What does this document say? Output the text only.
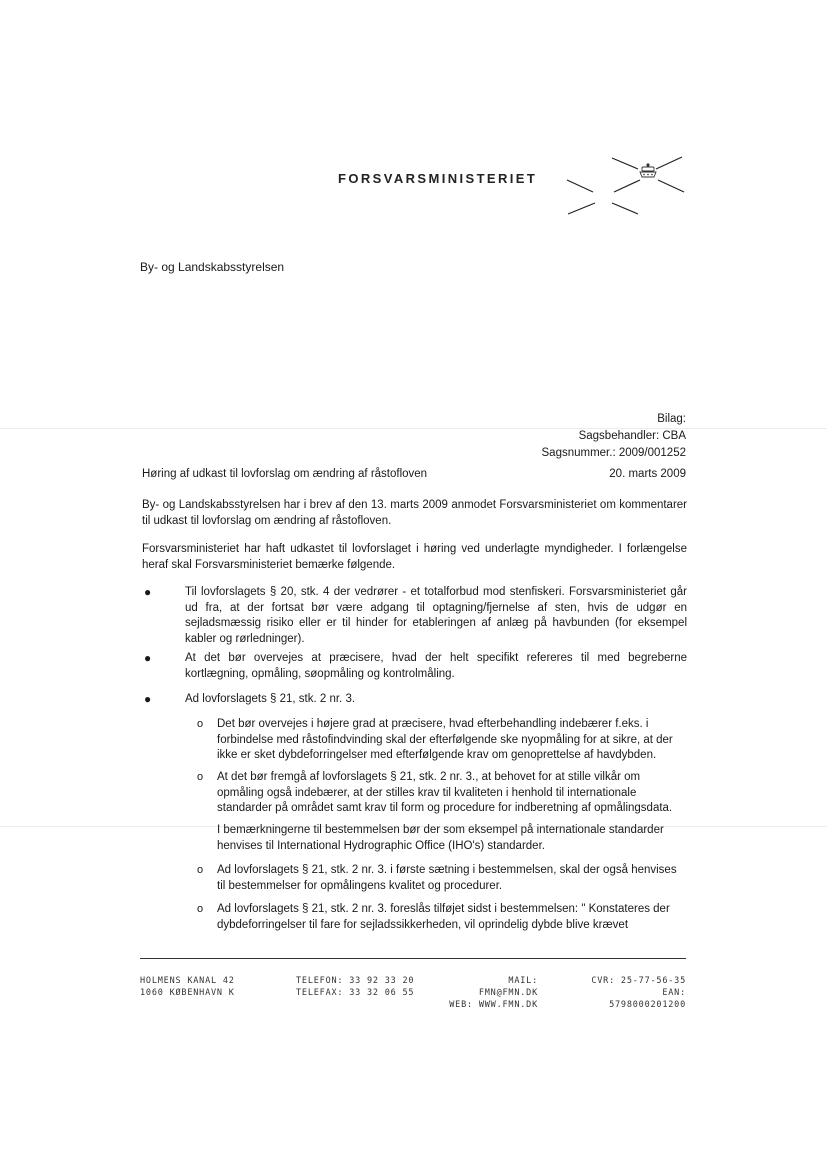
FORSVARSMINISTERIET
By- og Landskabsstyrelsen
Bilag:
Sagsbehandler: CBA
Sagsnummer.: 2009/001252
Høring af udkast til lovforslag om ændring af råstofloven	20. marts 2009
By- og Landskabsstyrelsen har i brev af den 13. marts 2009 anmodet Forsvarsministeriet om kommentarer til udkast til lovforslag om ændring af råstofloven.
Forsvarsministeriet har haft udkastet til lovforslaget i høring ved underlagte myndigheder. I forlængelse heraf skal Forsvarsministeriet bemærke følgende.
●	Til lovforslagets § 20, stk. 4 der vedrører - et totalforbud mod stenfiskeri. Forsvarsministeriet går ud fra, at der fortsat bør være adgang til optagning/fjernelse af sten, hvis de udgør en sejladsmæssig risiko eller er til hinder for etableringen af anlæg på havbunden (for eksempel kabler og rørledninger).
●	At det bør overvejes at præcisere, hvad der helt specifikt refereres til med begreberne kortlægning, opmåling, søopmåling og kontrolmåling.
●	Ad lovforslagets § 21, stk. 2 nr. 3.
o Det bør overvejes i højere grad at præcisere, hvad efterbehandling indebærer f.eks. i forbindelse med råstofindvinding skal der efterfølgende ske nyopmåling for at sikre, at der ikke er sket dybdeforringelser med efterfølgende krav om genoprettelse af havdybden.
o At det bør fremgå af lovforslagets § 21, stk. 2 nr. 3., at behovet for at stille vilkår om opmåling også indebærer, at der stilles krav til kvaliteten i henhold til internationale standarder på området samt krav til form og procedure for indberetning af opmålingsdata.
I bemærkningerne til bestemmelsen bør der som eksempel på internationale standarder henvises til International Hydrographic Office (IHO's) standarder.
o Ad lovforslagets § 21, stk. 2 nr. 3. i første sætning i bestemmelsen, skal der også henvises til bestemmelser for opmålingens kvalitet og procedurer.
o Ad lovforslagets § 21, stk. 2 nr. 3. foreslås tilføjet sidst i bestemmelsen: " Konstateres der dybdeforringelser til fare for sejladssikkerheden, vil oprindelig dybde blive krævet
HOLMENS KANAL 42
1060 KØBENHAVN K
TELEFON: 33 92 33 20
TELEFAX: 33 32 06 55
MAIL: FMN@FMN.DK
WEB: WWW.FMN.DK
CVR: 25-77-56-35
EAN: 5798000201200
